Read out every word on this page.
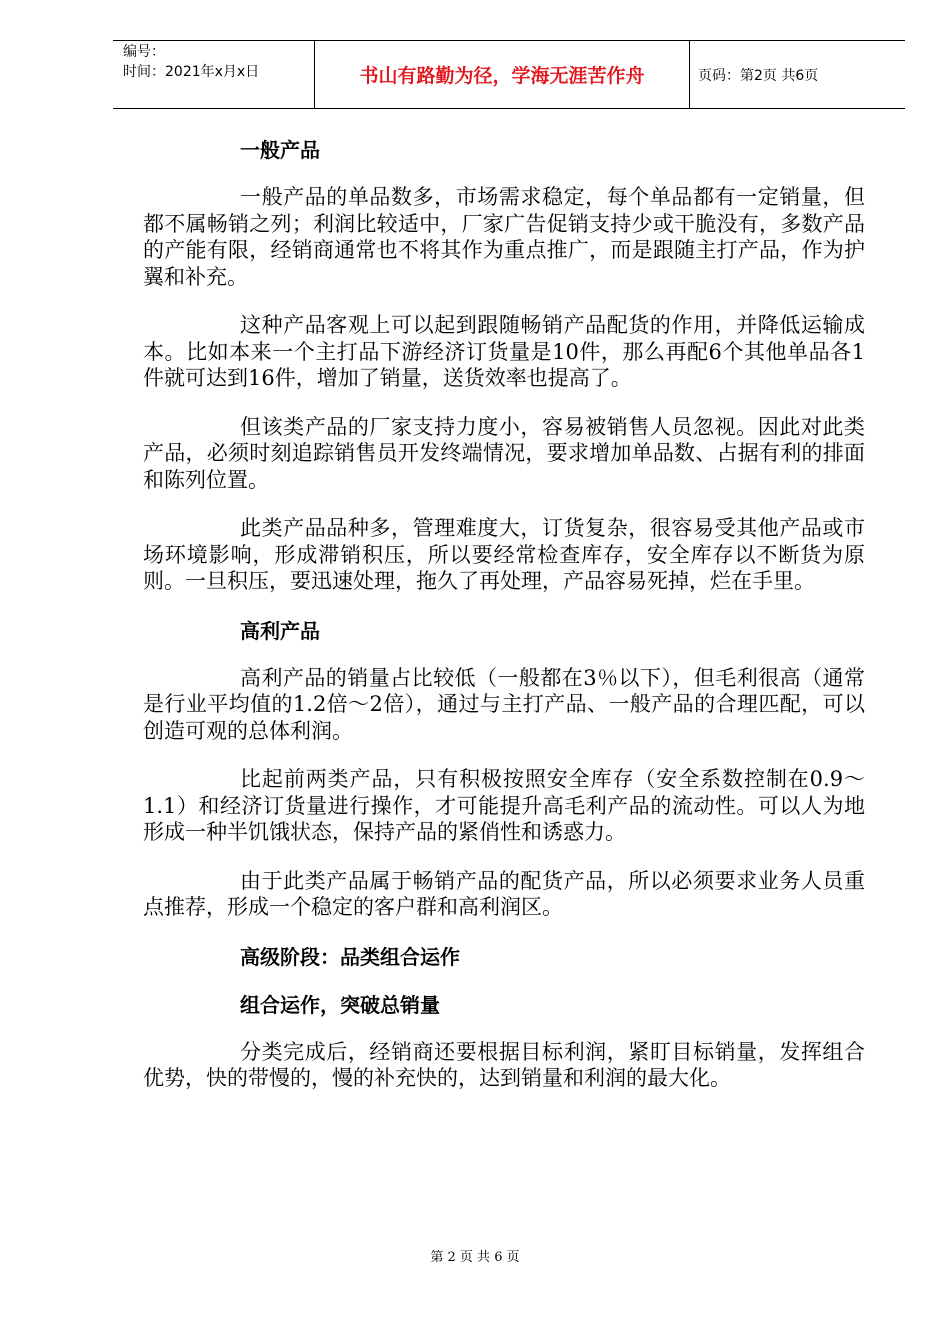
编号：
时间：2021年x月x日	书山有路勤为径，学海无涯苦作舟	页码：第2页 共6页
一般产品
一般产品的单品数多，市场需求稳定，每个单品都有一定销量，但都不属畅销之列；利润比较适中，厂家广告促销支持少或干脆没有，多数产品的产能有限，经销商通常也不将其作为重点推广，而是跟随主打产品，作为护翼和补充。
这种产品客观上可以起到跟随畅销产品配货的作用，并降低运输成本。比如本来一个主打品下游经济订货量是10件，那么再配6个其他单品各1件就可达到16件，增加了销量，送货效率也提高了。
但该类产品的厂家支持力度小，容易被销售人员忽视。因此对此类产品，必须时刻追踪销售员开发终端情况，要求增加单品数、占据有利的排面和陈列位置。
此类产品品种多，管理难度大，订货复杂，很容易受其他产品或市场环境影响，形成滞销积压，所以要经常检查库存，安全库存以不断货为原则。一旦积压，要迅速处理，拖久了再处理，产品容易死掉，烂在手里。
高利产品
高利产品的销量占比较低（一般都在3％以下），但毛利很高（通常是行业平均值的1.2倍～2倍），通过与主打产品、一般产品的合理匹配，可以创造可观的总体利润。
比起前两类产品，只有积极按照安全库存（安全系数控制在0.9～1.1）和经济订货量进行操作，才可能提升高毛利产品的流动性。可以人为地形成一种半饥饿状态，保持产品的紧俏性和诱惑力。
由于此类产品属于畅销产品的配货产品，所以必须要求业务人员重点推荐，形成一个稳定的客户群和高利润区。
高级阶段：品类组合运作
组合运作，突破总销量
分类完成后，经销商还要根据目标利润，紧盯目标销量，发挥组合优势，快的带慢的，慢的补充快的，达到销量和利润的最大化。
第 2 页 共 6 页
